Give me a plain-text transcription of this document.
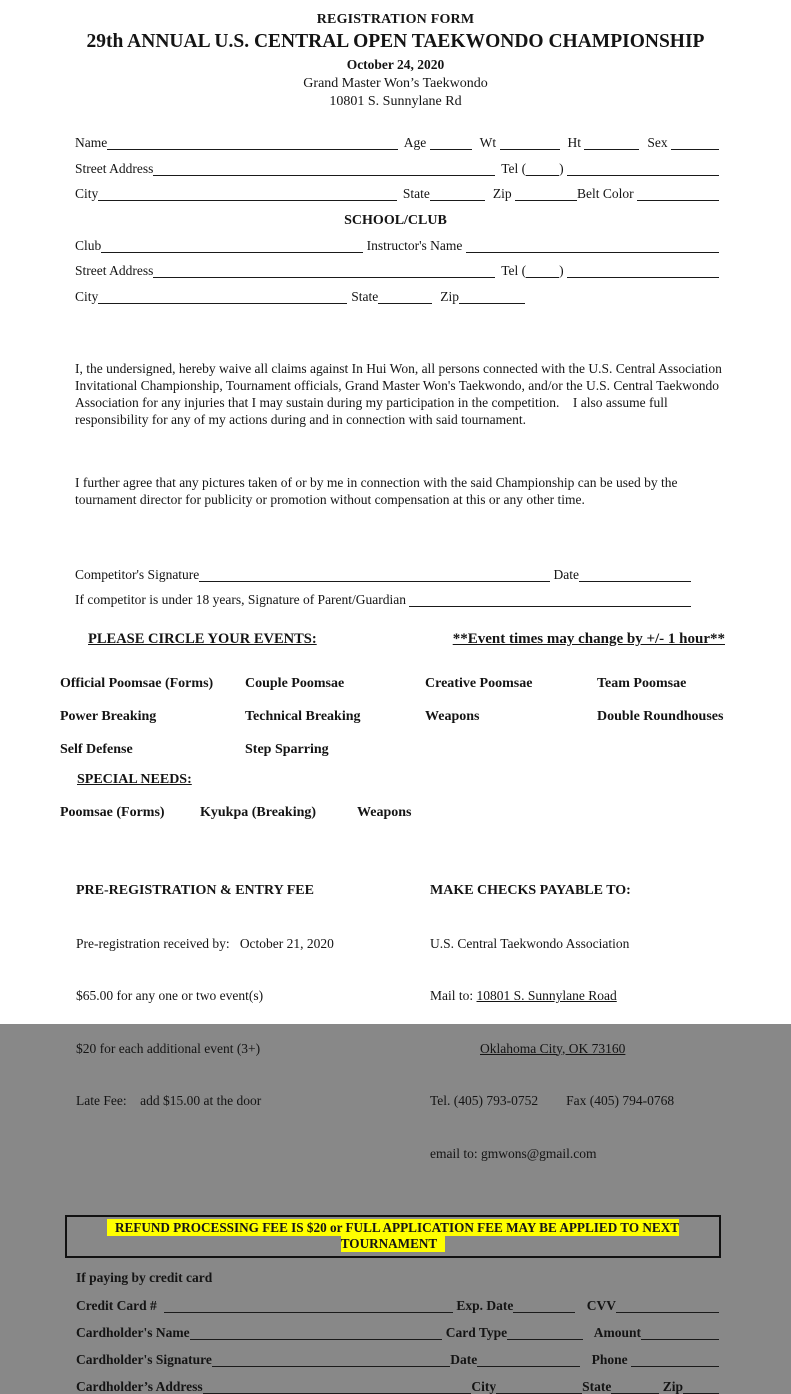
REGISTRATION FORM
29th ANNUAL U.S. CENTRAL OPEN TAEKWONDO CHAMPIONSHIP
October 24, 2020
Grand Master Won’s Taekwondo
10801 S. Sunnylane Rd
Name	Age	Wt	Ht	Sex
Street Address	Tel ( )
City	State	Zip	Belt Color
SCHOOL/CLUB
Club	Instructor's Name
Street Address	Tel ( )
City	State	Zip

I, the undersigned, hereby waive all claims against In Hui Won, all persons connected with the U.S. Central Association Invitational Championship, Tournament officials, Grand Master Won's Taekwondo, and/or the U.S. Central Taekwondo Association for any injuries that I may sustain during my participation in the competition.    I also assume full responsibility for any of my actions during and in connection with said tournament.

I further agree that any pictures taken of or by me in connection with the said Championship can be used by the tournament director for publicity or promotion without compensation at this or any other time.

Competitor's Signature	Date
If competitor is under 18 years, Signature of Parent/Guardian
PLEASE CIRCLE YOUR EVENTS:	**Event times may change by +/- 1 hour**
Official Poomsae (Forms)	Couple Poomsae	Creative Poomsae	Team Poomsae
Power Breaking	Technical Breaking	Weapons	Double Roundhouses
Self Defense	Step Sparring
SPECIAL NEEDS:
Poomsae (Forms)	Kyukpa (Breaking)	Weapons

PRE-REGISTRATION & ENTRY FEE

Pre-registration received by:   October 21, 2020

$65.00 for any one or two event(s)

$20 for each additional event (3+)

Late Fee:    add $15.00 at the door

MAKE CHECKS PAYABLE TO:

U.S. Central Taekwondo Association

Mail to: 10801 S. Sunnylane Road

Oklahoma City, OK 73160

Tel. (405) 793-0752 Fax (405) 794-0768

email to: gmwons@gmail.com

REFUND PROCESSING FEE IS $20 or FULL APPLICATION FEE MAY BE APPLIED TO NEXT TOURNAMENT
If paying by credit card
Credit Card #	Exp. Date	CVV
Cardholder's Name	Card Type	Amount
Cardholder's Signature	Date	Phone
Cardholder’s Address	City	State	Zip
